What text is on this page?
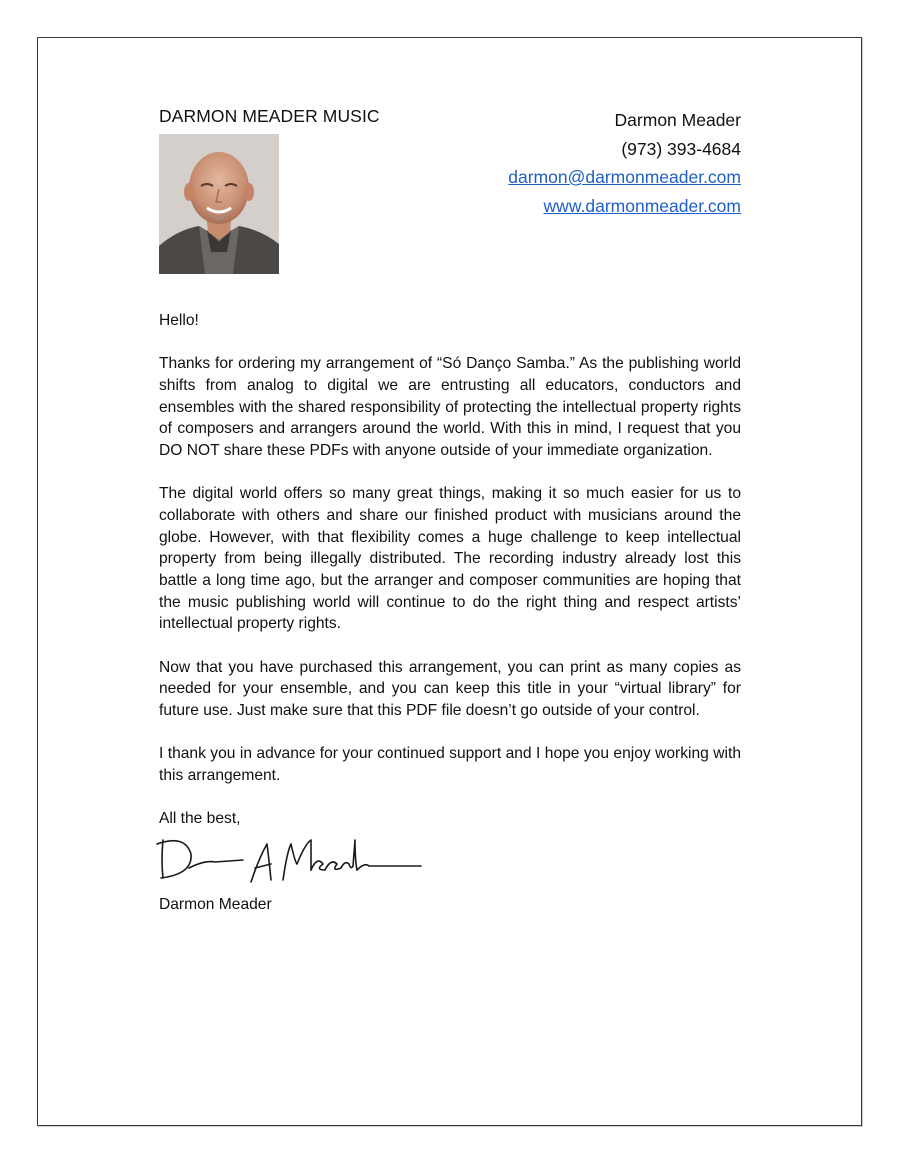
DARMON MEADER MUSIC	Darmon Meader
(973) 393-4684
darmon@darmonmeader.com
www.darmonmeader.com

Hello!

Thanks for ordering my arrangement of “Só Danço Samba.” As the publishing world shifts from analog to digital we are entrusting all educators, conductors and ensembles with the shared responsibility of protecting the intellectual property rights of composers and arrangers around the world. With this in mind, I request that you DO NOT share these PDFs with anyone outside of your immediate organization.

The digital world offers so many great things, making it so much easier for us to collaborate with others and share our finished product with musicians around the globe. However, with that flexibility comes a huge challenge to keep intellectual property from being illegally distributed. The recording industry already lost this battle a long time ago, but the arranger and composer communities are hoping that the music publishing world will continue to do the right thing and respect artists’ intellectual property rights.

Now that you have purchased this arrangement, you can print as many copies as needed for your ensemble, and you can keep this title in your “virtual library” for future use. Just make sure that this PDF file doesn’t go outside of your control.

I thank you in advance for your continued support and I hope you enjoy working with this arrangement.

All the best,

Darmon Meader
